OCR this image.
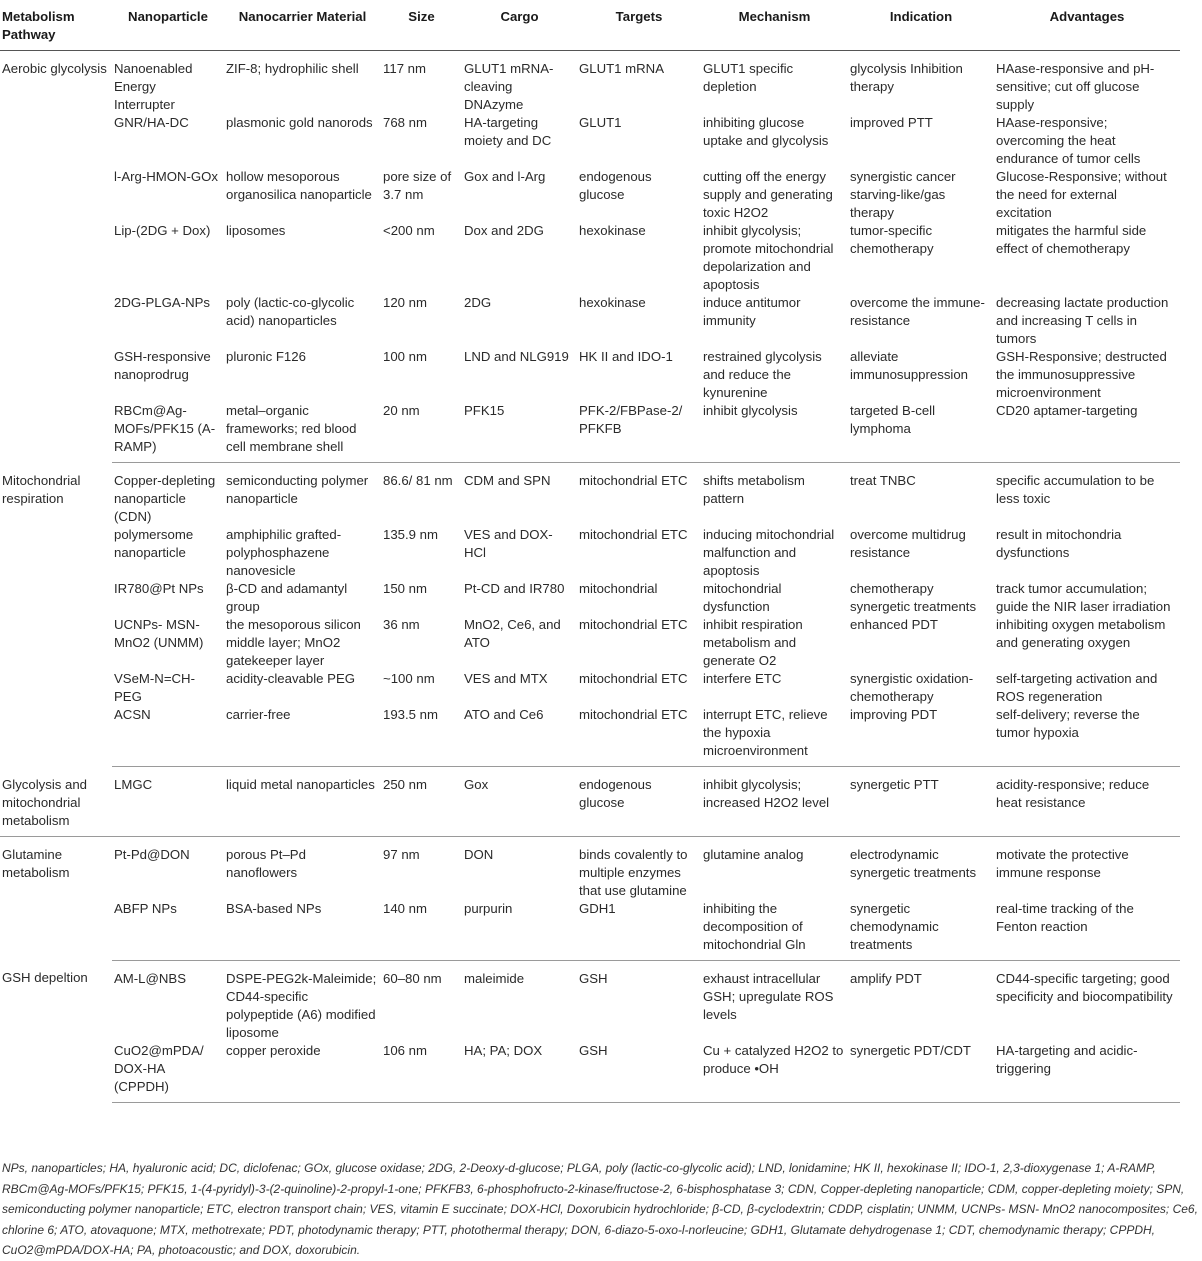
Metabolism Pathway	Nanoparticle	Nanocarrier Material	Size	Cargo	Targets	Mechanism	Indication	Advantages
Aerobic glycolysis	Nanoenabled Energy Interrupter	ZIF-8; hydrophilic shell	117 nm	GLUT1 mRNA-cleaving DNAzyme	GLUT1 mRNA	GLUT1 specific depletion	glycolysis Inhibition therapy	HAase-responsive and pH-sensitive; cut off glucose supply
	GNR/HA-DC	plasmonic gold nanorods	768 nm	HA-targeting moiety and DC	GLUT1	inhibiting glucose uptake and glycolysis	improved PTT	HAase-responsive; overcoming the heat endurance of tumor cells
	l-Arg-HMON-GOx	hollow mesoporous organosilica nanoparticle	pore size of 3.7 nm	Gox and l-Arg	endogenous glucose	cutting off the energy supply and generating toxic H2O2	synergistic cancer starving-like/gas therapy	Glucose-Responsive; without the need for external excitation
	Lip-(2DG + Dox)	liposomes	<200 nm	Dox and 2DG	hexokinase	inhibit glycolysis; promote mitochondrial depolarization and apoptosis	tumor-specific chemotherapy	mitigates the harmful side effect of chemotherapy
	2DG-PLGA-NPs	poly (lactic-co-glycolic acid) nanoparticles	120 nm	2DG	hexokinase	induce antitumor immunity	overcome the immune-resistance	decreasing lactate production and increasing T cells in tumors
	GSH-responsive nanoprodrug	pluronic F126	100 nm	LND and NLG919	HK II and IDO-1	restrained glycolysis and reduce the kynurenine	alleviate immunosuppression	GSH-Responsive; destructed the immunosuppressive microenvironment
	RBCm@Ag-MOFs/PFK15 (A-RAMP)	metal–organic frameworks; red blood cell membrane shell	20 nm	PFK15	PFK-2/FBPase-2/ PFKFB	inhibit glycolysis	targeted B-cell lymphoma	CD20 aptamer-targeting
Mitochondrial respiration	Copper-depleting nanoparticle (CDN)	semiconducting polymer nanoparticle	86.6/ 81 nm	CDM and SPN	mitochondrial ETC	shifts metabolism pattern	treat TNBC	specific accumulation to be less toxic
	polymersome nanoparticle	amphiphilic grafted-polyphosphazene nanovesicle	135.9 nm	VES and DOX-HCl	mitochondrial ETC	inducing mitochondrial malfunction and apoptosis	overcome multidrug resistance	result in mitochondria dysfunctions
	IR780@Pt NPs	β-CD and adamantyl group	150 nm	Pt-CD and IR780	mitochondrial	mitochondrial dysfunction	chemotherapy synergetic treatments	track tumor accumulation; guide the NIR laser irradiation
	UCNPs- MSN-MnO2 (UNMM)	the mesoporous silicon middle layer; MnO2 gatekeeper layer	36 nm	MnO2, Ce6, and ATO	mitochondrial ETC	inhibit respiration metabolism and generate O2	enhanced PDT	inhibiting oxygen metabolism and generating oxygen
	VSeM-N=CH-PEG	acidity-cleavable PEG	~100 nm	VES and MTX	mitochondrial ETC	interfere ETC	synergistic oxidation-chemotherapy	self-targeting activation and ROS regeneration
	ACSN	carrier-free	193.5 nm	ATO and Ce6	mitochondrial ETC	interrupt ETC, relieve the hypoxia microenvironment	improving PDT	self-delivery; reverse the tumor hypoxia
Glycolysis and mitochondrial metabolism	LMGC	liquid metal nanoparticles	250 nm	Gox	endogenous glucose	inhibit glycolysis; increased H2O2 level	synergetic PTT	acidity-responsive; reduce heat resistance
Glutamine metabolism	Pt-Pd@DON	porous Pt–Pd nanoflowers	97 nm	DON	binds covalently to multiple enzymes that use glutamine	glutamine analog	electrodynamic synergetic treatments	motivate the protective immune response
	ABFP NPs	BSA-based NPs	140 nm	purpurin	GDH1	inhibiting the decomposition of mitochondrial Gln	synergetic chemodynamic treatments	real-time tracking of the Fenton reaction
GSH depeltion	AM-L@NBS	DSPE-PEG2k-Maleimide; CD44-specific polypeptide (A6) modified liposome	60–80 nm	maleimide	GSH	exhaust intracellular GSH; upregulate ROS levels	amplify PDT	CD44-specific targeting; good specificity and biocompatibility
	CuO2@mPDA/ DOX-HA (CPPDH)	copper peroxide	106 nm	HA; PA; DOX	GSH	Cu + catalyzed H2O2 to produce •OH	synergetic PDT/CDT	HA-targeting and acidic-triggering
NPs, nanoparticles; HA, hyaluronic acid; DC, diclofenac; GOx, glucose oxidase; 2DG, 2-Deoxy-d-glucose; PLGA, poly (lactic-co-glycolic acid); LND, lonidamine; HK II, hexokinase II; IDO-1, 2,3-dioxygenase 1; A-RAMP, RBCm@Ag-MOFs/PFK15; PFK15, 1-(4-pyridyl)-3-(2-quinoline)-2-propyl-1-one; PFKFB3, 6-phosphofructo-2-kinase/fructose-2, 6-bisphosphatase 3; CDN, Copper-depleting nanoparticle; CDM, copper-depleting moiety; SPN, semiconducting polymer nanoparticle; ETC, electron transport chain; VES, vitamin E succinate; DOX-HCl, Doxorubicin hydrochloride; β-CD, β-cyclodextrin; CDDP, cisplatin; UNMM, UCNPs- MSN- MnO2 nanocomposites; Ce6, chlorine 6; ATO, atovaquone; MTX, methotrexate; PDT, photodynamic therapy; PTT, photothermal therapy; DON, 6-diazo-5-oxo-l-norleucine; GDH1, Glutamate dehydrogenase 1; CDT, chemodynamic therapy; CPPDH, CuO2@mPDA/DOX-HA; PA, photoacoustic; and DOX, doxorubicin.
